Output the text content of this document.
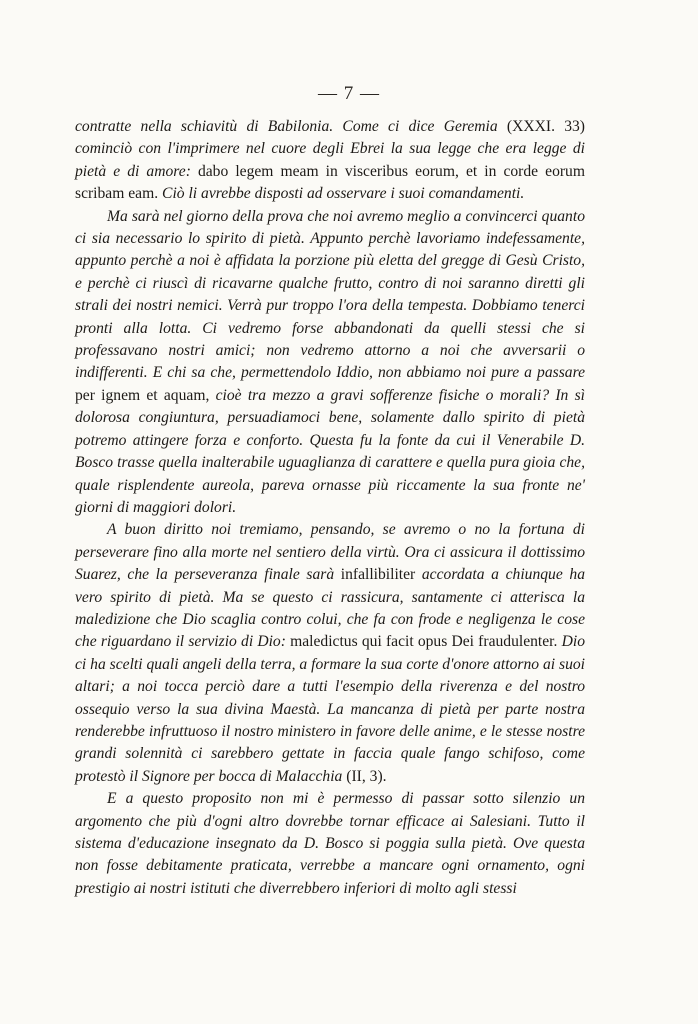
— 7 —

contratte nella schiavitù di Babilonia. Come ci dice Geremia (XXXI. 33) cominciò con l'imprimere nel cuore degli Ebrei la sua legge che era legge di pietà e di amore: dabo legem meam in visceribus eorum, et in corde eorum scribam eam. Ciò li avrebbe disposti ad osservare i suoi comandamenti.

Ma sarà nel giorno della prova che noi avremo meglio a convincerci quanto ci sia necessario lo spirito di pietà. Appunto perchè lavoriamo indefessamente, appunto perchè a noi è affidata la porzione più eletta del gregge di Gesù Cristo, e perchè ci riuscì di ricavarne qualche frutto, contro di noi saranno diretti gli strali dei nostri nemici. Verrà pur troppo l'ora della tempesta. Dobbiamo tenerci pronti alla lotta. Ci vedremo forse abbandonati da quelli stessi che si professavano nostri amici; non vedremo attorno a noi che avversarii o indifferenti. E chi sa che, permettendolo Iddio, non abbiamo noi pure a passare per ignem et aquam, cioè tra mezzo a gravi sofferenze fisiche o morali? In sì dolorosa congiuntura, persuadiamoci bene, solamente dallo spirito di pietà potremo attingere forza e conforto. Questa fu la fonte da cui il Venerabile D. Bosco trasse quella inalterabile uguaglianza di carattere e quella pura gioia che, quale risplendente aureola, pareva ornasse più riccamente la sua fronte ne' giorni di maggiori dolori.

A buon diritto noi tremiamo, pensando, se avremo o no la fortuna di perseverare fino alla morte nel sentiero della virtù. Ora ci assicura il dottissimo Suarez, che la perseveranza finale sarà infallibiliter accordata a chiunque ha vero spirito di pietà. Ma se questo ci rassicura, santamente ci atterisca la maledizione che Dio scaglia contro colui, che fa con frode e negligenza le cose che riguardano il servizio di Dio: maledictus qui facit opus Dei fraudulenter. Dio ci ha scelti quali angeli della terra, a formare la sua corte d'onore attorno ai suoi altari; a noi tocca perciò dare a tutti l'esempio della riverenza e del nostro ossequio verso la sua divina Maestà. La mancanza di pietà per parte nostra renderebbe infruttuoso il nostro ministero in favore delle anime, e le stesse nostre grandi solennità ci sarebbero gettate in faccia quale fango schifoso, come protestò il Signore per bocca di Malacchia (II, 3).

E a questo proposito non mi è permesso di passar sotto silenzio un argomento che più d'ogni altro dovrebbe tornar efficace ai Salesiani. Tutto il sistema d'educazione insegnato da D. Bosco si poggia sulla pietà. Ove questa non fosse debitamente praticata, verrebbe a mancare ogni ornamento, ogni prestigio ai nostri istituti che diverrebbero inferiori di molto agli stessi
